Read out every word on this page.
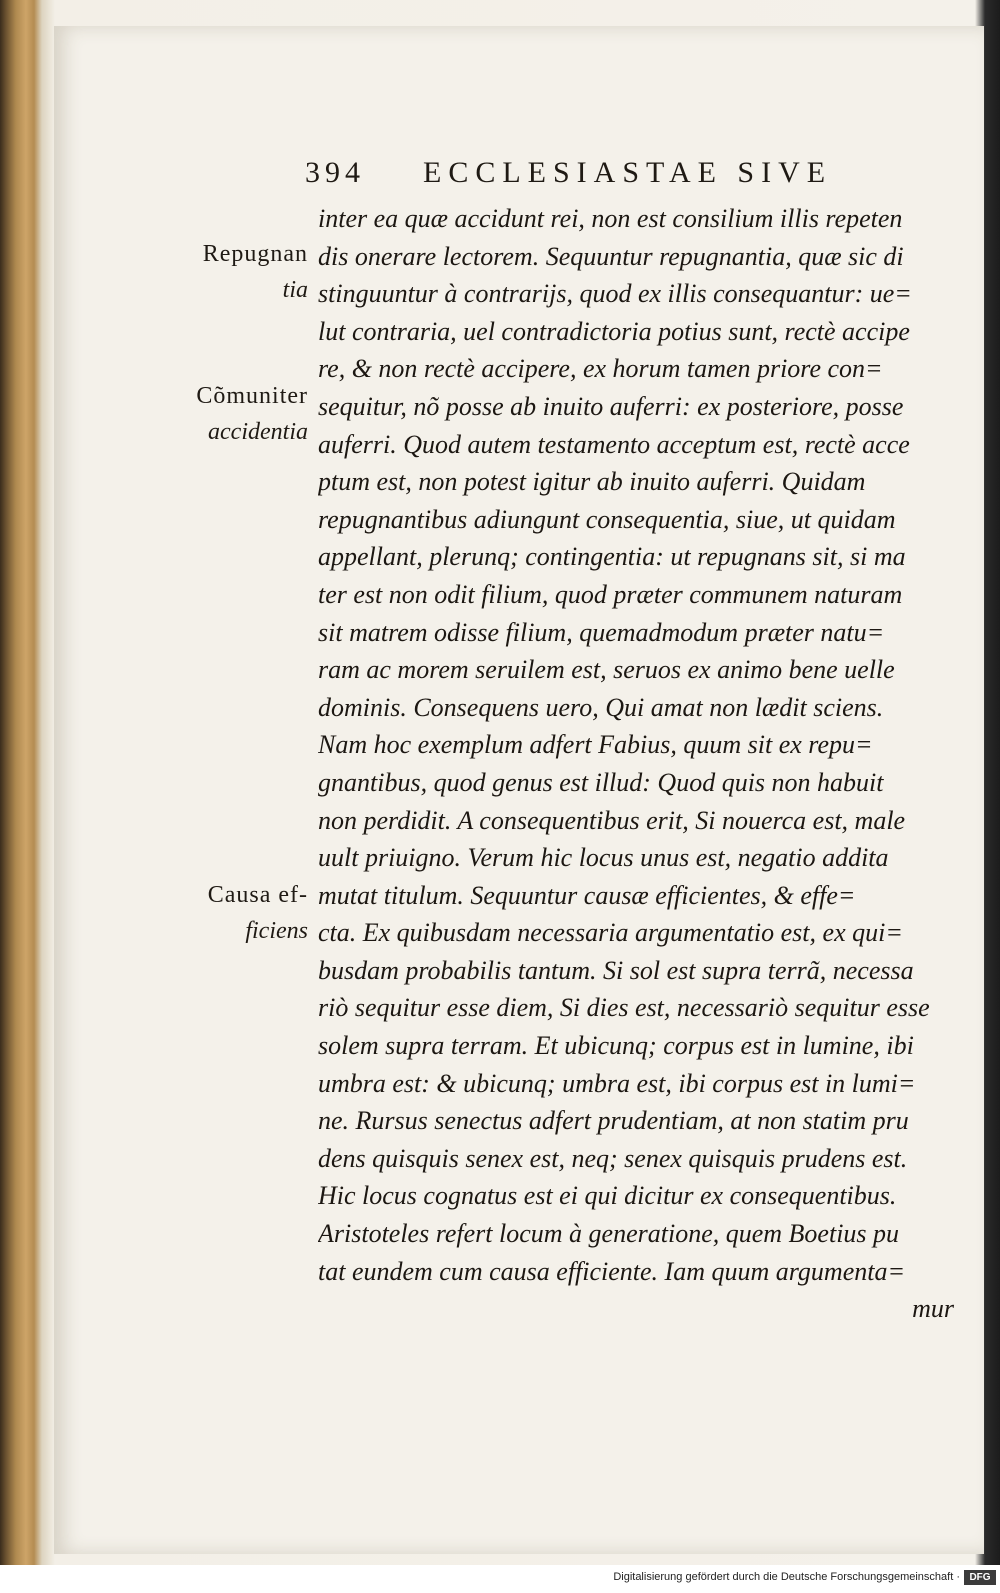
394 ECCLESIASTAE SIVE
Repugnan
tia
Cõmuniter
accidentia
Causa ef-
ficiens
inter ea quæ accidunt rei, non est consilium illis repeten
dis onerare lectorem. Sequuntur repugnantia, quæ sic di
stinguuntur à contrarijs, quod ex illis consequantur: ue=
lut contraria, uel contradictoria potius sunt, rectè accipe
re, & non rectè accipere, ex horum tamen priore con=
sequitur, nõ posse ab inuito auferri: ex posteriore, posse
auferri. Quod autem testamento acceptum est, rectè acce
ptum est, non potest igitur ab inuito auferri. Quidam
repugnantibus adiungunt consequentia, siue, ut quidam
appellant, plerunq; contingentia: ut repugnans sit, si ma
ter est non odit filium, quod præter communem naturam
sit matrem odisse filium, quemadmodum præter natu=
ram ac morem seruilem est, seruos ex animo bene uelle
dominis. Consequens uero, Qui amat non lædit sciens.
Nam hoc exemplum adfert Fabius, quum sit ex repu=
gnantibus, quod genus est illud: Quod quis non habuit
non perdidit. A consequentibus erit, Si nouerca est, male
uult priuigno. Verum hic locus unus est, negatio addita
mutat titulum. Sequuntur causæ efficientes, & effe=
cta. Ex quibusdam necessaria argumentatio est, ex qui=
busdam probabilis tantum. Si sol est supra terrã, necessa
riò sequitur esse diem, Si dies est, necessariò sequitur esse
solem supra terram. Et ubicunq; corpus est in lumine, ibi
umbra est: & ubicunq; umbra est, ibi corpus est in lumi=
ne. Rursus senectus adfert prudentiam, at non statim pru
dens quisquis senex est, neq; senex quisquis prudens est.
Hic locus cognatus est ei qui dicitur ex consequentibus.
Aristoteles refert locum à generatione, quem Boetius pu
tat eundem cum causa efficiente. Iam quum argumenta=
mur
Digitalisierung gefördert durch die Deutsche Forschungsgemeinschaft · DFG
